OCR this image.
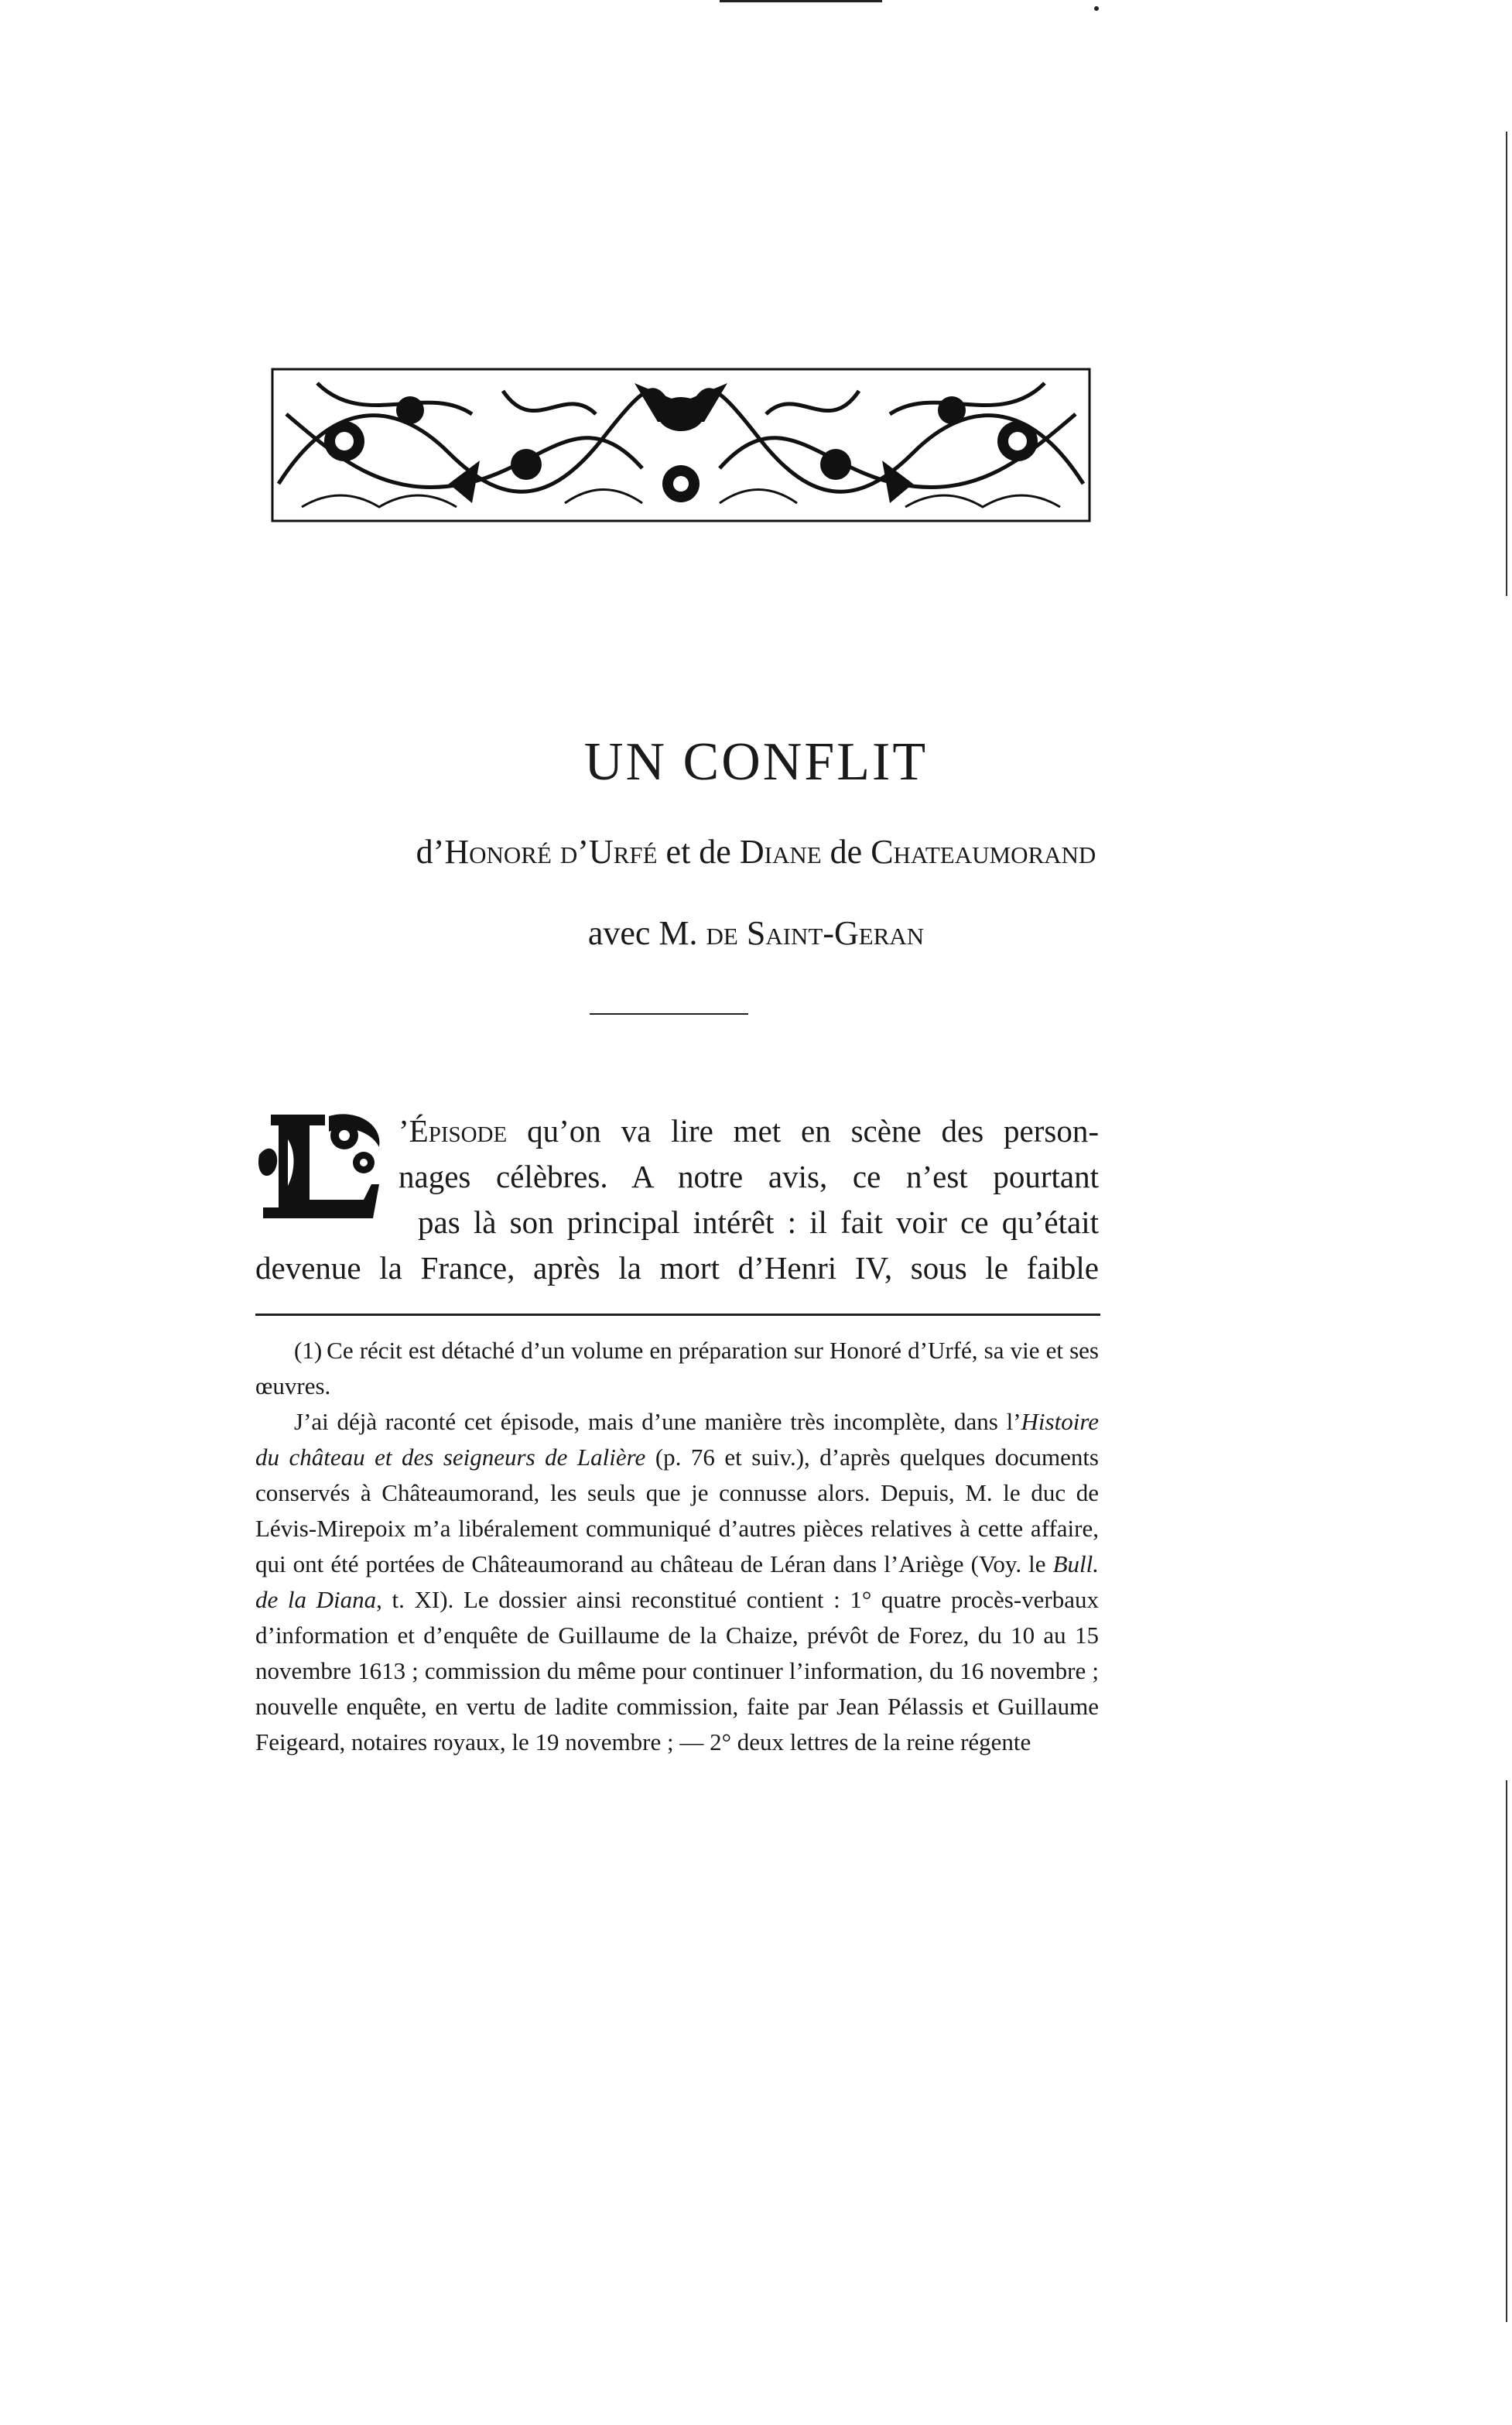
UN CONFLIT
d’Honoré d’Urfé et de Diane de Chateaumorand
avec M. de Saint-Geran
’Épisode qu’on va lire met en scène des person-
nages célèbres. A notre avis, ce n’est pourtant
pas là son principal intérêt : il fait voir ce qu’était
devenue la France, après la mort d’Henri IV, sous le faible

(1) Ce récit est détaché d’un volume en préparation sur Honoré d’Urfé, sa vie et ses œuvres.

J’ai déjà raconté cet épisode, mais d’une manière très incomplète, dans l’Histoire du château et des seigneurs de Lalière (p. 76 et suiv.), d’après quelques documents conservés à Châteaumorand, les seuls que je connusse alors. Depuis, M. le duc de Lévis-Mirepoix m’a libéralement communiqué d’autres pièces relatives à cette affaire, qui ont été portées de Châteaumorand au château de Léran dans l’Ariège (Voy. le Bull. de la Diana, t. XI). Le dossier ainsi reconstitué contient : 1° quatre procès-verbaux d’information et d’enquête de Guillaume de la Chaize, prévôt de Forez, du 10 au 15 novembre 1613 ; commission du même pour continuer l’information, du 16 novembre ; nouvelle enquête, en vertu de ladite commission, faite par Jean Pélassis et Guillaume Feigeard, notaires royaux, le 19 novembre ; — 2° deux lettres de la reine régente
